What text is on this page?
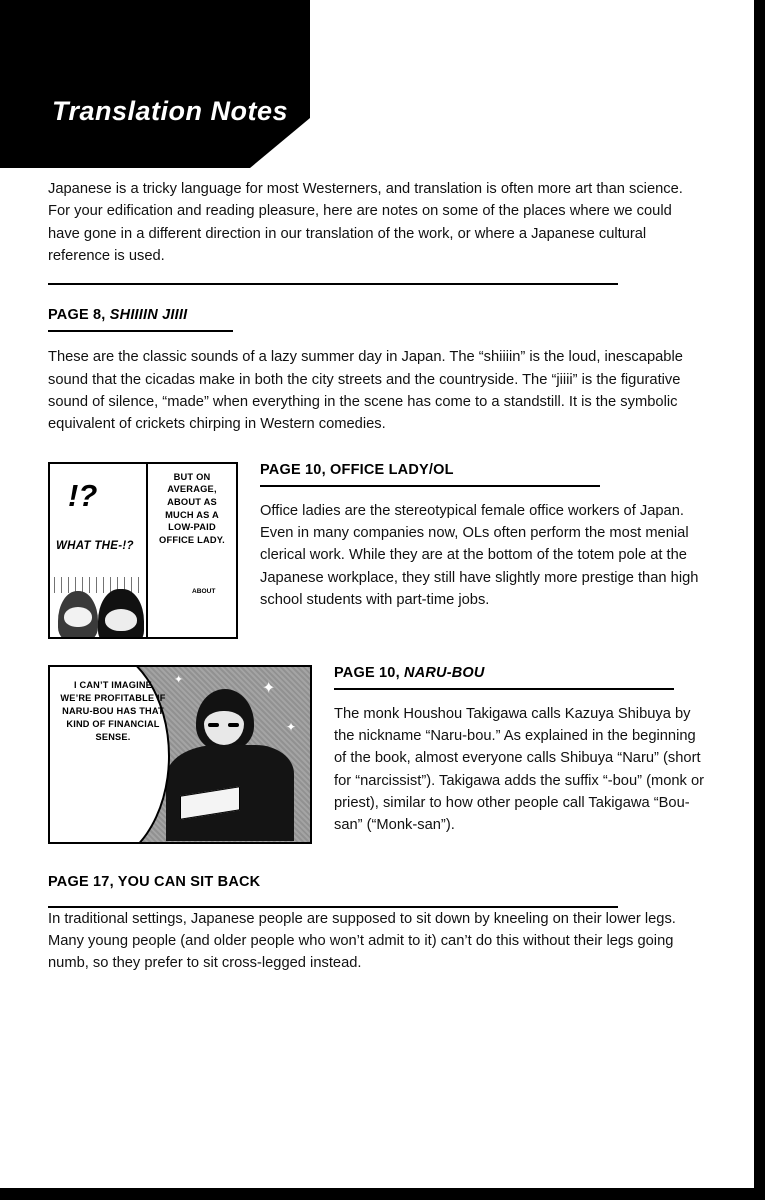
Translation Notes

Japanese is a tricky language for most Westerners, and translation is often more art than science. For your edification and reading pleasure, here are notes on some of the places where we could have gone in a different direction in our translation of the work, or where a Japanese cultural reference is used.

PAGE 8, SHIIIIN JIIII

These are the classic sounds of a lazy summer day in Japan. The “shiiiin” is the loud, inescapable sound that the cicadas make in both the city streets and the countryside. The “jiiii” is the figurative sound of silence, “made” when everything in the scene has come to a standstill. It is the symbolic equivalent of crickets chirping in Western comedies.

!?
WHAT THE-!?
BUT ON AVERAGE, ABOUT AS MUCH AS A LOW-PAID OFFICE LADY.
ABOUT
PAGE 10, OFFICE LADY/OL

Office ladies are the stereotypical female office workers of Japan. Even in many companies now, OLs often perform the most menial clerical work. While they are at the bottom of the totem pole at the Japanese workplace, they still have slightly more prestige than high school students with part-time jobs.

✦	✦
✦
I CAN’T IMAGINE WE’RE PROFITABLE IF NARU-BOU HAS THAT KIND OF FINANCIAL SENSE.
PAGE 10, NARU-BOU

The monk Houshou Takigawa calls Kazuya Shibuya by the nickname “Naru-bou.” As explained in the beginning of the book, almost everyone calls Shibuya “Naru” (short for “narcissist”). Takigawa adds the suffix “-bou” (monk or priest), similar to how other people call Takigawa “Bou-san” (“Monk-san”).

PAGE 17, YOU CAN SIT BACK

In traditional settings, Japanese people are supposed to sit down by kneeling on their lower legs. Many young people (and older people who won’t admit to it) can’t do this without their legs going numb, so they prefer to sit cross-legged instead.
